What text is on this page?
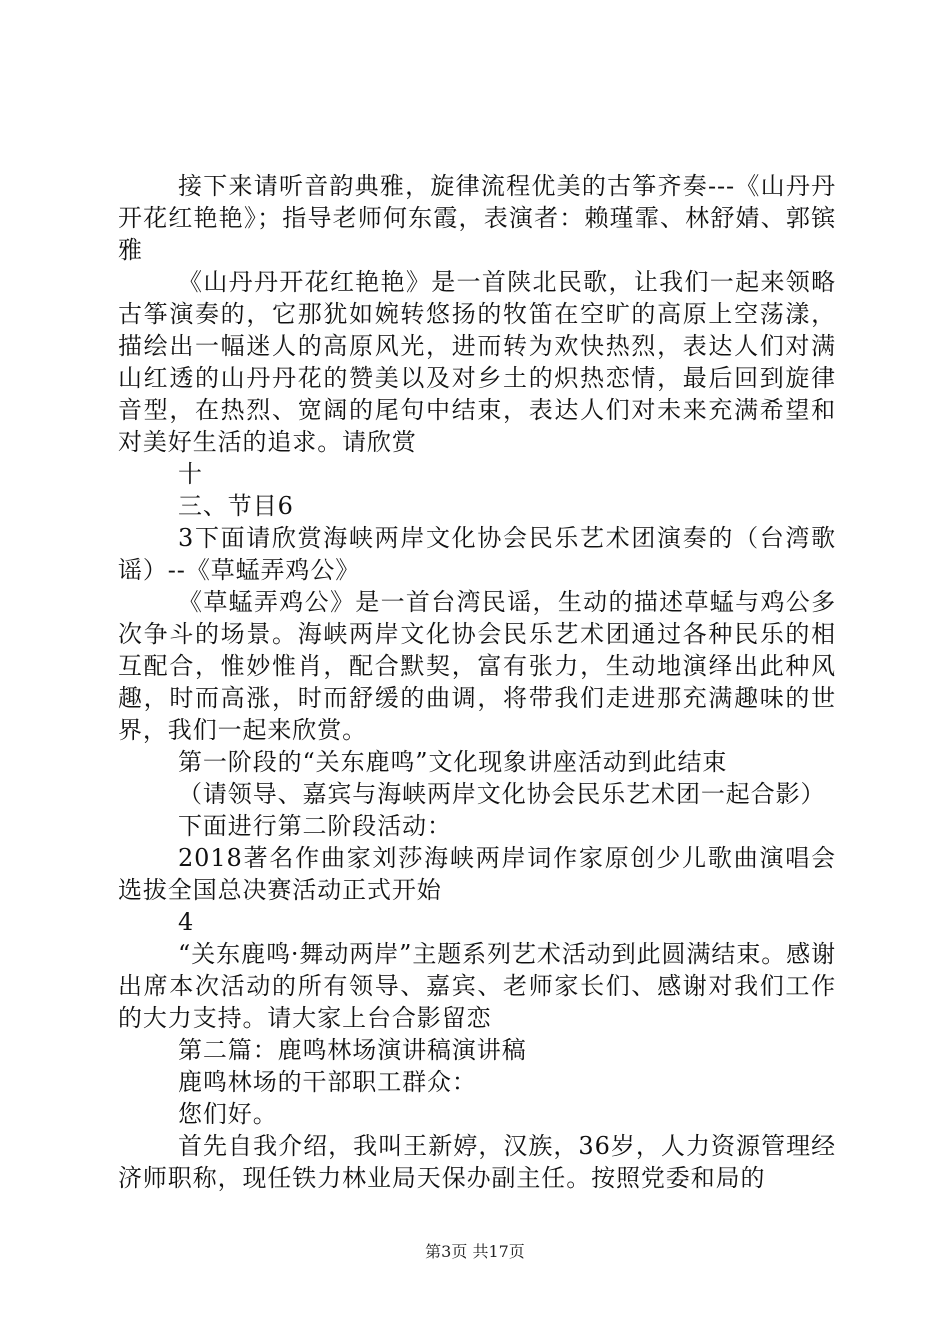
接下来请听音韵典雅，旋律流程优美的古筝齐奏---《山丹丹开花红艳艳》；指导老师何东霞，表演者：赖瑾霏、林舒婧、郭镔雅

《山丹丹开花红艳艳》是一首陕北民歌，让我们一起来领略古筝演奏的，它那犹如婉转悠扬的牧笛在空旷的高原上空荡漾，描绘出一幅迷人的高原风光，进而转为欢快热烈，表达人们对满山红透的山丹丹花的赞美以及对乡土的炽热恋情，最后回到旋律音型，在热烈、宽阔的尾句中结束，表达人们对未来充满希望和对美好生活的追求。请欣赏

十

三、节目6

3下面请欣赏海峡两岸文化协会民乐艺术团演奏的（台湾歌谣）--《草蜢弄鸡公》

《草蜢弄鸡公》是一首台湾民谣，生动的描述草蜢与鸡公多次争斗的场景。海峡两岸文化协会民乐艺术团通过各种民乐的相互配合，惟妙惟肖，配合默契，富有张力，生动地演绎出此种风趣，时而高涨，时而舒缓的曲调，将带我们走进那充满趣味的世界，我们一起来欣赏。

第一阶段的“关东鹿鸣”文化现象讲座活动到此结束

（请领导、嘉宾与海峡两岸文化协会民乐艺术团一起合影）

下面进行第二阶段活动：

2018著名作曲家刘莎海峡两岸词作家原创少儿歌曲演唱会选拔全国总决赛活动正式开始

4

“关东鹿鸣·舞动两岸”主题系列艺术活动到此圆满结束。感谢出席本次活动的所有领导、嘉宾、老师家长们、感谢对我们工作的大力支持。请大家上台合影留恋

第二篇：鹿鸣林场演讲稿演讲稿

鹿鸣林场的干部职工群众：

您们好。

首先自我介绍，我叫王新婷，汉族，36岁，人力资源管理经济师职称，现任铁力林业局天保办副主任。按照党委和局的

第3页 共17页
